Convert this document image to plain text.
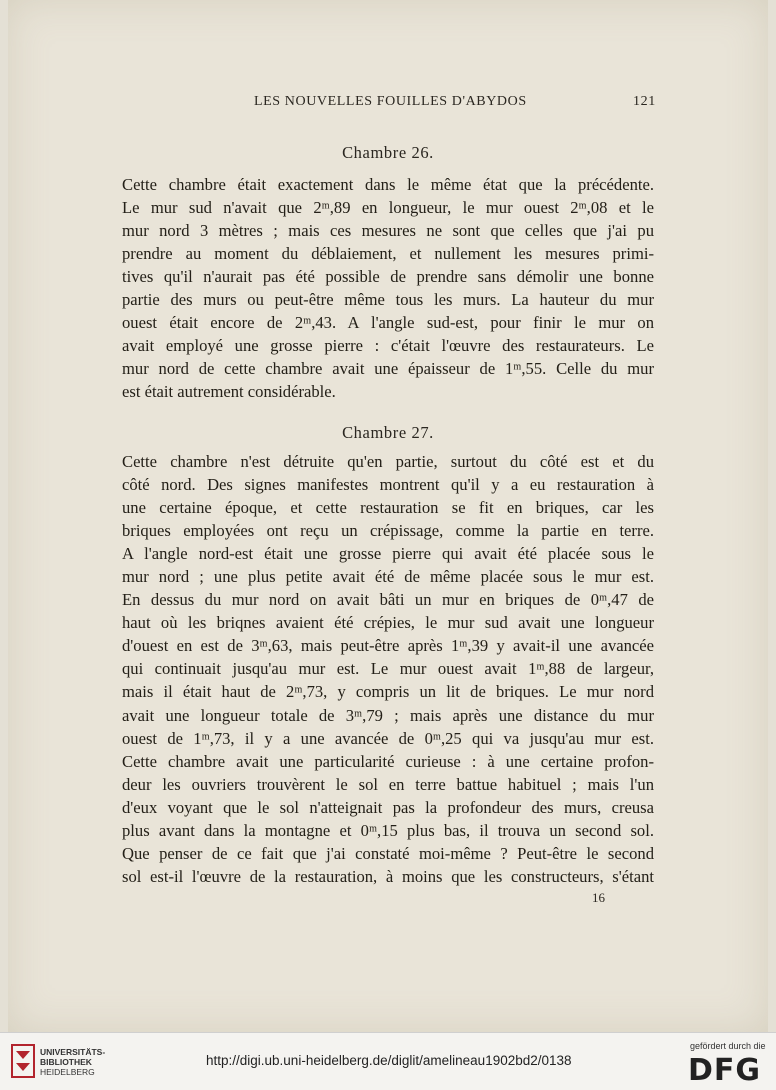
LES NOUVELLES FOUILLES D'ABYDOS	121
Chambre 26.
Cette chambre était exactement dans le même état que la précédente.
Le mur sud n'avait que 2ᵐ,89 en longueur, le mur ouest 2ᵐ,08 et le
mur nord 3 mètres ; mais ces mesures ne sont que celles que j'ai pu
prendre au moment du déblaiement, et nullement les mesures primi-
tives qu'il n'aurait pas été possible de prendre sans démolir une bonne
partie des murs ou peut-être même tous les murs. La hauteur du mur
ouest était encore de 2ᵐ,43. A l'angle sud-est, pour finir le mur on
avait employé une grosse pierre : c'était l'œuvre des restaurateurs. Le
mur nord de cette chambre avait une épaisseur de 1ᵐ,55. Celle du mur
est était autrement considérable.
Chambre 27.
Cette chambre n'est détruite qu'en partie, surtout du côté est et du
côté nord. Des signes manifestes montrent qu'il y a eu restauration à
une certaine époque, et cette restauration se fit en briques, car les
briques employées ont reçu un crépissage, comme la partie en terre.
A l'angle nord-est était une grosse pierre qui avait été placée sous le
mur nord ; une plus petite avait été de même placée sous le mur est.
En dessus du mur nord on avait bâti un mur en briques de 0ᵐ,47 de
haut où les briqnes avaient été crépies, le mur sud avait une longueur
d'ouest en est de 3ᵐ,63, mais peut-être après 1ᵐ,39 y avait-il une avancée
qui continuait jusqu'au mur est. Le mur ouest avait 1ᵐ,88 de largeur,
mais il était haut de 2ᵐ,73, y compris un lit de briques. Le mur nord
avait une longueur totale de 3ᵐ,79 ; mais après une distance du mur
ouest de 1ᵐ,73, il y a une avancée de 0ᵐ,25 qui va jusqu'au mur est.
Cette chambre avait une particularité curieuse : à une certaine profon-
deur les ouvriers trouvèrent le sol en terre battue habituel ; mais l'un
d'eux voyant que le sol n'atteignait pas la profondeur des murs, creusa
plus avant dans la montagne et 0ᵐ,15 plus bas, il trouva un second sol.
Que penser de ce fait que j'ai constaté moi-même ? Peut-être le second
sol est-il l'œuvre de la restauration, à moins que les constructeurs, s'étant
16
UNIVERSITÄTS-
BIBLIOTHEK
HEIDELBERG
http://digi.ub.uni-heidelberg.de/diglit/amelineau1902bd2/0138
gefördert durch die
DFG
